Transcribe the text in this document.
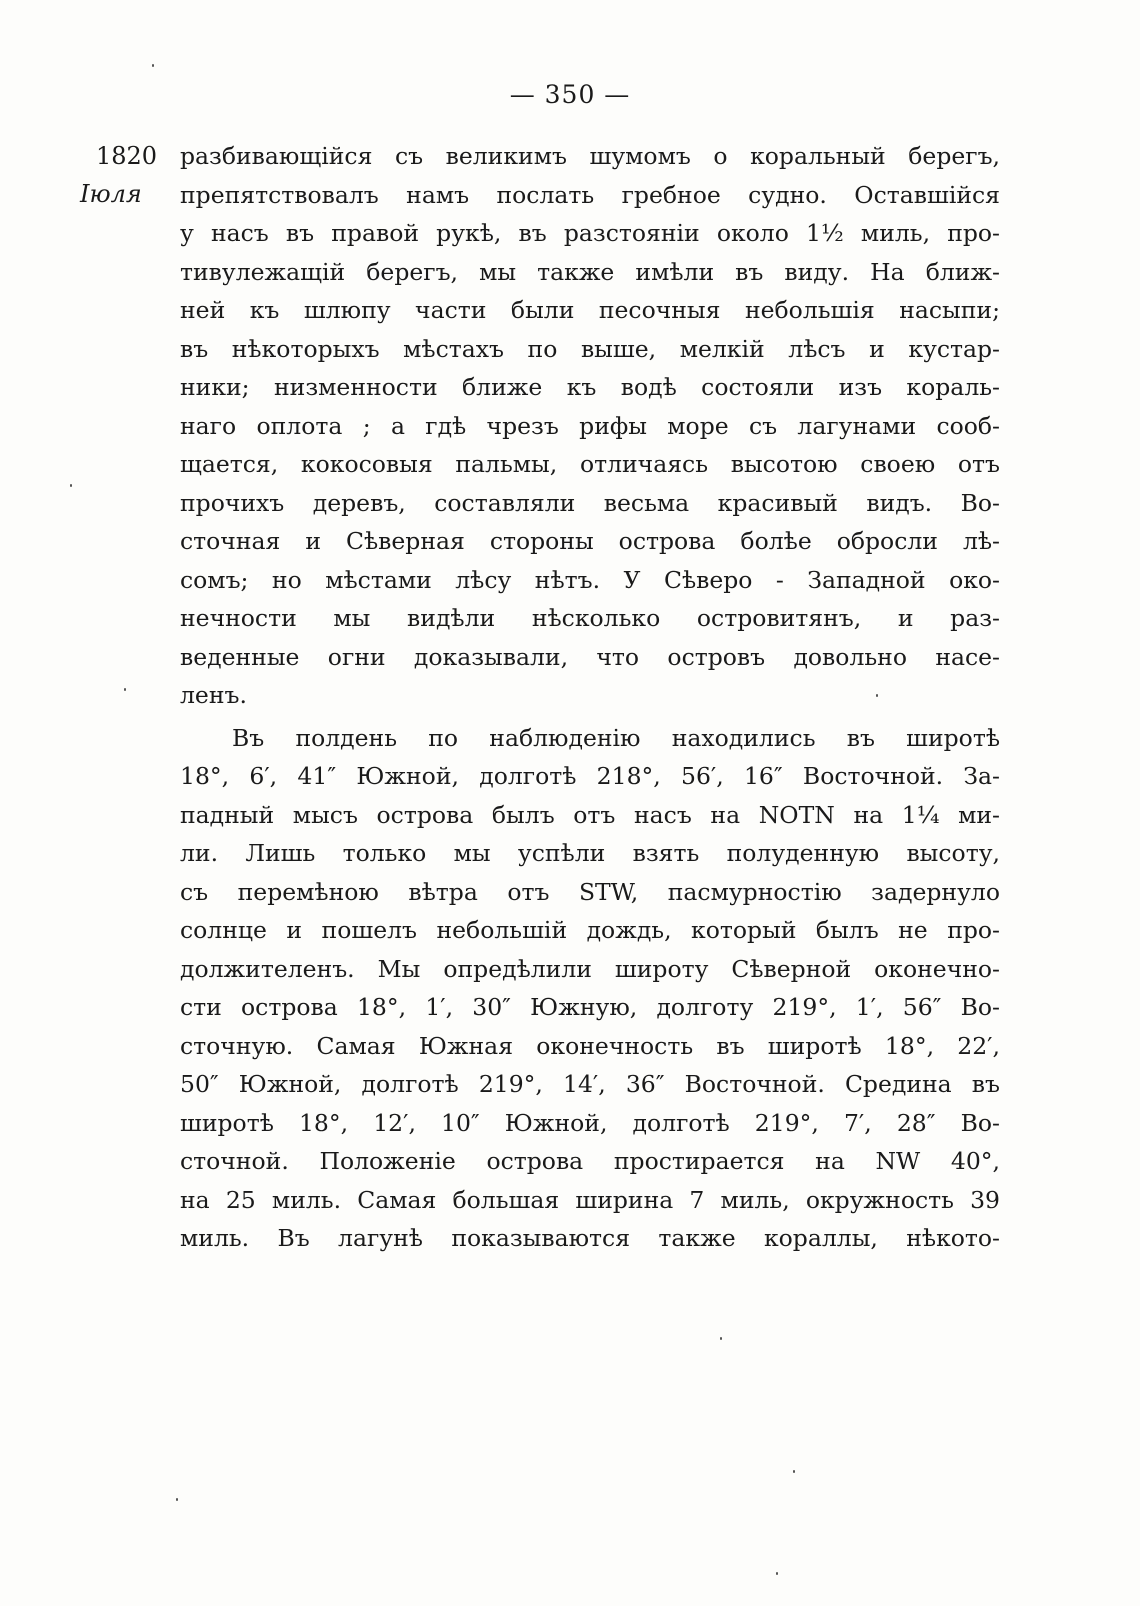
— 350 —
1820
Іюля
разбивающійся съ великимъ шумомъ о коральный берегъ,
препятствовалъ намъ послать гребное судно. Оставшійся
у насъ въ правой рукѣ, въ разстояніи около 1½ миль, про-
тивулежащій берегъ, мы также имѣли въ виду. На ближ-
ней къ шлюпу части были песочныя небольшія насыпи;
въ нѣкоторыхъ мѣстахъ по выше, мелкій лѣсъ и кустар-
ники; низменности ближе къ водѣ состояли изъ кораль-
наго оплота ; а гдѣ чрезъ рифы море съ лагунами сооб-
щается, кокосовыя пальмы, отличаясь высотою своею отъ
прочихъ деревъ, составляли весьма красивый видъ. Во-
сточная и Сѣверная стороны острова болѣе обросли лѣ-
сомъ; но мѣстами лѣсу нѣтъ. У Сѣверо - Западной око-
нечности мы видѣли нѣсколько островитянъ, и раз-
веденные огни доказывали, что островъ довольно насе-
ленъ.
Въ полдень по наблюденію находились въ широтѣ
18°, 6′, 41″ Южной, долготѣ 218°, 56′, 16″ Восточной. За-
падный мысъ острова былъ отъ насъ на NOTN на 1¼ ми-
ли. Лишь только мы успѣли взять полуденную высоту,
съ перемѣною вѣтра отъ STW, пасмурностію задернуло
солнце и пошелъ небольшій дождь, который былъ не про-
должителенъ. Мы опредѣлили широту Сѣверной оконечно-
сти острова 18°, 1′, 30″ Южную, долготу 219°, 1′, 56″ Во-
сточную. Самая Южная оконечность въ широтѣ 18°, 22′,
50″ Южной, долготѣ 219°, 14′, 36″ Восточной. Средина въ
широтѣ 18°, 12′, 10″ Южной, долготѣ 219°, 7′, 28″ Во-
сточной. Положеніе острова простирается на NW 40°,
на 25 миль. Самая большая ширина 7 миль, окружность 39
миль. Въ лагунѣ показываются также кораллы, нѣкото-
